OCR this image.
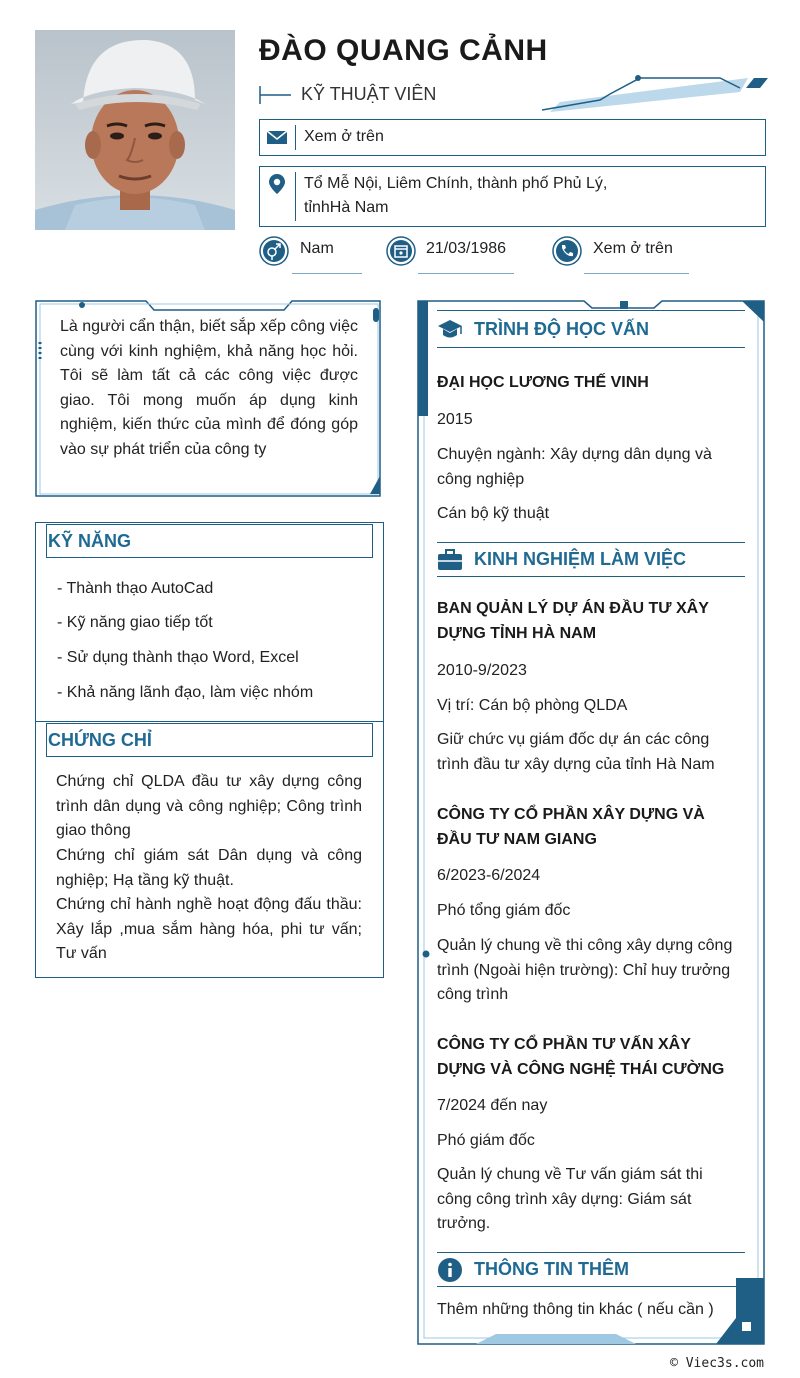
ĐÀO QUANG CẢNH
KỸ THUẬT VIÊN
Xem ở trên
Tổ Mễ Nội, Liêm Chính, thành phố Phủ Lý,
tỉnhHà Nam
Nam	21/03/1986	Xem ở trên
Là người cẩn thận, biết sắp xếp công việc cùng với kinh nghiệm, khả năng học hỏi. Tôi sẽ làm tất cả các công việc được giao. Tôi mong muốn áp dụng kinh nghiệm, kiến thức của mình để đóng góp vào sự phát triển của công ty
KỸ NĂNG
- Thành thạo AutoCad
- Kỹ năng giao tiếp tốt
- Sử dụng thành thạo Word, Excel
- Khả năng lãnh đạo, làm việc nhóm
CHỨNG CHỈ
Chứng chỉ QLDA đầu tư xây dựng công trình dân dụng và công nghiệp; Công trình giao thông
Chứng chỉ giám sát Dân dụng và công nghiệp; Hạ tầng kỹ thuật.
Chứng chỉ hành nghề hoạt động đấu thầu: Xây lắp ,mua sắm hàng hóa, phi tư vấn; Tư vấn
TRÌNH ĐỘ HỌC VẤN
ĐẠI HỌC LƯƠNG THẾ VINH
2015
Chuyện ngành: Xây dựng dân dụng và công nghiệp
Cán bộ kỹ thuật
KINH NGHIỆM LÀM VIỆC
BAN QUẢN LÝ DỰ ÁN ĐẦU TƯ XÂY DỰNG TỈNH HÀ NAM
2010-9/2023
Vị trí: Cán bộ phòng QLDA
Giữ chức vụ giám đốc dự án các công trình đầu tư xây dựng của tỉnh Hà Nam
CÔNG TY CỔ PHẦN XÂY DỰNG VÀ ĐẦU TƯ NAM GIANG
6/2023-6/2024
Phó tổng giám đốc
Quản lý chung về thi công xây dựng công trình (Ngoài hiện trường): Chỉ huy trưởng công trình
CÔNG TY CỔ PHẦN TƯ VẤN XÂY DỰNG VÀ CÔNG NGHỆ THÁI CƯỜNG
7/2024 đến nay
Phó giám đốc
Quản lý chung về Tư vấn giám sát thi công công trình xây dựng: Giám sát trưởng.
THÔNG TIN THÊM
Thêm những thông tin khác ( nếu cần )
© Viec3s.com
